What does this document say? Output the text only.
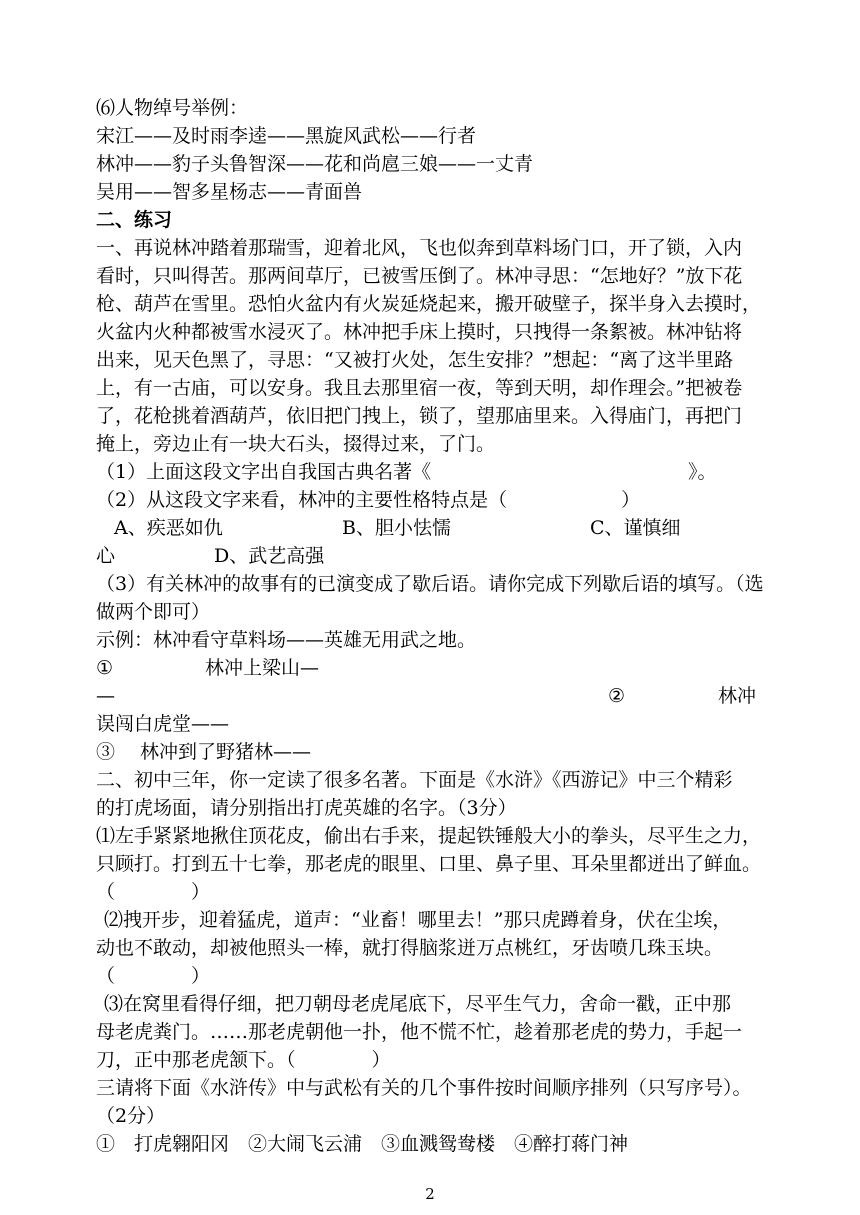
⑹人物绰号举例：
宋江——及时雨李逵——黑旋风武松——行者
林冲——豹子头鲁智深——花和尚扈三娘——一丈青
吴用——智多星杨志——青面兽
二、练习
一、再说林冲踏着那瑞雪，迎着北风，飞也似奔到草料场门口，开了锁，入内
看时，只叫得苦。那两间草厅，已被雪压倒了。林冲寻思：“怎地好？”放下花
枪、葫芦在雪里。恐怕火盆内有火炭延烧起来，搬开破壁子，探半身入去摸时，
火盆内火种都被雪水浸灭了。林冲把手床上摸时，只拽得一条絮被。林冲钻将
出来，见天色黑了，寻思：“又被打火处，怎生安排？”想起：“离了这半里路
上，有一古庙，可以安身。我且去那里宿一夜，等到天明，却作理会。”把被卷
了，花枪挑着酒葫芦，依旧把门拽上，锁了，望那庙里来。入得庙门，再把门
掩上，旁边止有一块大石头，掇得过来，了门。
（1）上面这段文字出自我国古典名著《	》。
（2）从这段文字来看，林冲的主要性格特点是（　　　　　　）
A、疾恶如仇	B、胆小怯懦	C、谨慎细
心	D、武艺高强
（3）有关林冲的故事有的已演变成了歇后语。请你完成下列歇后语的填写。（选
做两个即可）
示例：林冲看守草料场——英雄无用武之地。
①	林冲上梁山—
—	②	林冲
误闯白虎堂——
③　 林冲到了野猪林——
二、初中三年，你一定读了很多名著。下面是《水浒》《西游记》中三个精彩
的打虎场面，请分别指出打虎英雄的名字。（3分）
⑴左手紧紧地揪住顶花皮，偷出右手来，提起铁锤般大小的拳头，尽平生之力，
只顾打。打到五十七拳，那老虎的眼里、口里、鼻子里、耳朵里都迸出了鲜血。
（　　　　）
⑵拽开步，迎着猛虎，道声：“业畜！哪里去！”那只虎蹲着身，伏在尘埃，
动也不敢动，却被他照头一棒，就打得脑浆迸万点桃红，牙齿喷几珠玉块。
（　　　　）
⑶在窝里看得仔细，把刀朝母老虎尾底下，尽平生气力，舍命一戳，正中那
母老虎粪门。……那老虎朝他一扑，他不慌不忙，趁着那老虎的势力，手起一
刀，正中那老虎颔下。（　　　　）
三请将下面《水浒传》中与武松有关的几个事件按时间顺序排列（只写序号）。
（2分）
①　打虎翱阳冈　②大闹飞云浦　③血溅鸳鸯楼　④醉打蒋门神
2
